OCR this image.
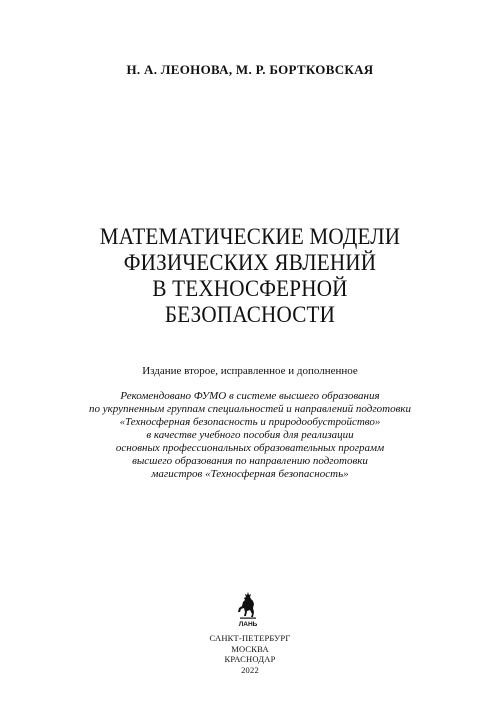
Н. А. ЛЕОНОВА, М. Р. БОРТКОВСКАЯ
МАТЕМАТИЧЕСКИЕ МОДЕЛИ
ФИЗИЧЕСКИХ ЯВЛЕНИЙ
В ТЕХНОСФЕРНОЙ
БЕЗОПАСНОСТИ
Издание второе, исправленное и дополненное
Рекомендовано ФУМО в системе высшего образования
по укрупненным группам специальностей и направлений подготовки
«Техносферная безопасность и природообустройство»
в качестве учебного пособия для реализации
основных профессиональных образовательных программ
высшего образования по направлению подготовки
магистров «Техносферная безопасность»
ЛАНЬ
САНКТ-ПЕТЕРБУРГ
МОСКВА
КРАСНОДАР
2022
